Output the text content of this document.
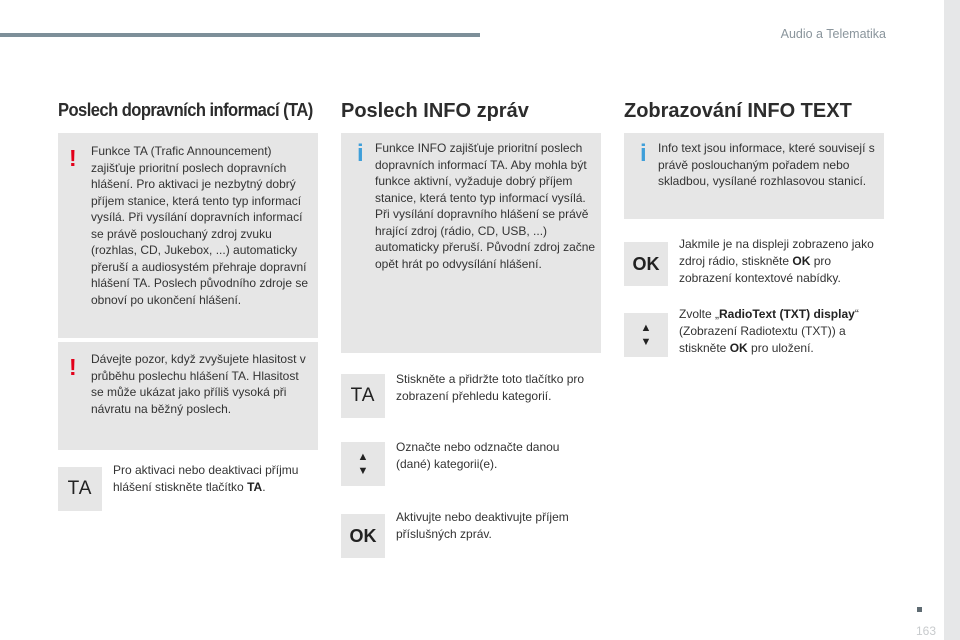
Audio a Telematika
163
Poslech dopravních informací (TA)
! Funkce TA (Trafic Announcement) zajišťuje prioritní poslech dopravních hlášení. Pro aktivaci je nezbytný dobrý příjem stanice, která tento typ informací vysílá. Při vysílání dopravních informací se právě poslouchaný zdroj zvuku (rozhlas, CD, Jukebox, ...) automaticky přeruší a audiosystém přehraje dopravní hlášení TA. Poslech původního zdroje se obnoví po ukončení hlášení.
! Dávejte pozor, když zvyšujete hlasitost v průběhu poslechu hlášení TA. Hlasitost se může ukázat jako příliš vysoká při návratu na běžný poslech.
TA
Pro aktivaci nebo deaktivaci příjmu hlášení stiskněte tlačítko TA.
Poslech INFO zpráv
i Funkce INFO zajišťuje prioritní poslech dopravních informací TA. Aby mohla být funkce aktivní, vyžaduje dobrý příjem stanice, která tento typ informací vysílá. Při vysílání dopravního hlášení se právě hrající zdroj (rádio, CD, USB, ...) automaticky přeruší. Původní zdroj začne opět hrát po odvysílání hlášení.
TA
Stiskněte a přidržte toto tlačítko pro zobrazení přehledu kategorií.
▲
▼
Označte nebo odznačte danou (dané) kategorii(e).
OK
Aktivujte nebo deaktivujte příjem příslušných zpráv.
Zobrazování INFO TEXT
i Info text jsou informace, které souvisejí s právě poslouchaným pořadem nebo skladbou, vysílané rozhlasovou stanicí.
OK
Jakmile je na displeji zobrazeno jako zdroj rádio, stiskněte OK pro zobrazení kontextové nabídky.
▲
▼
Zvolte „RadioText (TXT) display“ (Zobrazení Radiotextu (TXT)) a stiskněte OK pro uložení.
